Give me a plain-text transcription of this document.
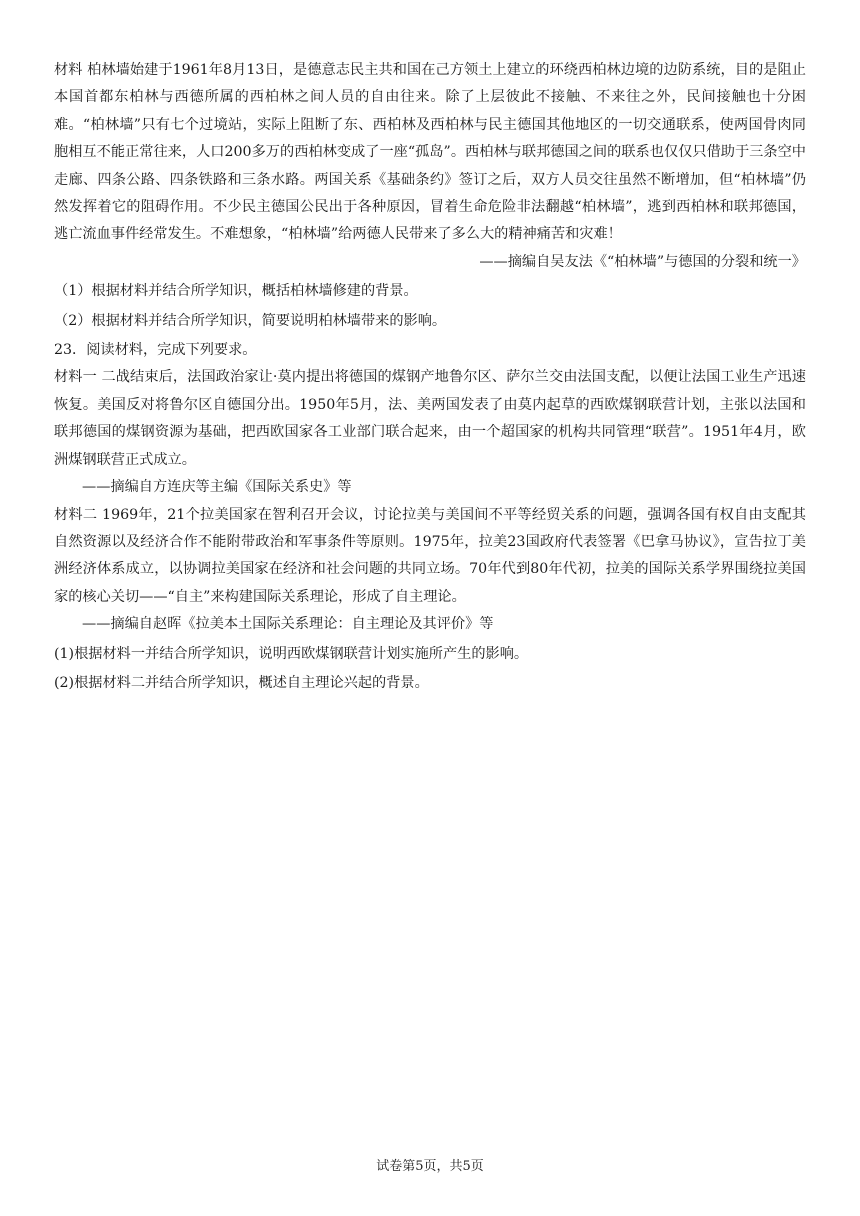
材料 柏林墙始建于1961年8月13日，是德意志民主共和国在己方领土上建立的环绕西柏林边境的边防系统，目的是阻止本国首都东柏林与西德所属的西柏林之间人员的自由往来。除了上层彼此不接触、不来往之外，民间接触也十分困难。“柏林墙”只有七个过境站，实际上阻断了东、西柏林及西柏林与民主德国其他地区的一切交通联系，使两国骨肉同胞相互不能正常往来，人口200多万的西柏林变成了一座“孤岛”。西柏林与联邦德国之间的联系也仅仅只借助于三条空中走廊、四条公路、四条铁路和三条水路。两国关系《基础条约》签订之后，双方人员交往虽然不断增加，但“柏林墙”仍然发挥着它的阻碍作用。不少民主德国公民出于各种原因，冒着生命危险非法翻越“柏林墙”，逃到西柏林和联邦德国，逃亡流血事件经常发生。不难想象，“柏林墙”给两德人民带来了多么大的精神痛苦和灾难！

——摘编自吴友法《“柏林墙”与德国的分裂和统一》

（1）根据材料并结合所学知识，概括柏林墙修建的背景。

（2）根据材料并结合所学知识，简要说明柏林墙带来的影响。

23．阅读材料，完成下列要求。

材料一 二战结束后，法国政治家让·莫内提出将德国的煤钢产地鲁尔区、萨尔兰交由法国支配，以便让法国工业生产迅速恢复。美国反对将鲁尔区自德国分出。1950年5月，法、美两国发表了由莫内起草的西欧煤钢联营计划，主张以法国和联邦德国的煤钢资源为基础，把西欧国家各工业部门联合起来，由一个超国家的机构共同管理“联营”。1951年4月，欧洲煤钢联营正式成立。

——摘编自方连庆等主编《国际关系史》等

材料二 1969年，21个拉美国家在智利召开会议，讨论拉美与美国间不平等经贸关系的问题，强调各国有权自由支配其自然资源以及经济合作不能附带政治和军事条件等原则。1975年，拉美23国政府代表签署《巴拿马协议》，宣告拉丁美洲经济体系成立，以协调拉美国家在经济和社会问题的共同立场。70年代到80年代初，拉美的国际关系学界围绕拉美国家的核心关切——“自主”来构建国际关系理论，形成了自主理论。

——摘编自赵晖《拉美本土国际关系理论：自主理论及其评价》等

(1)根据材料一并结合所学知识，说明西欧煤钢联营计划实施所产生的影响。

(2)根据材料二并结合所学知识，概述自主理论兴起的背景。

试卷第5页，共5页
